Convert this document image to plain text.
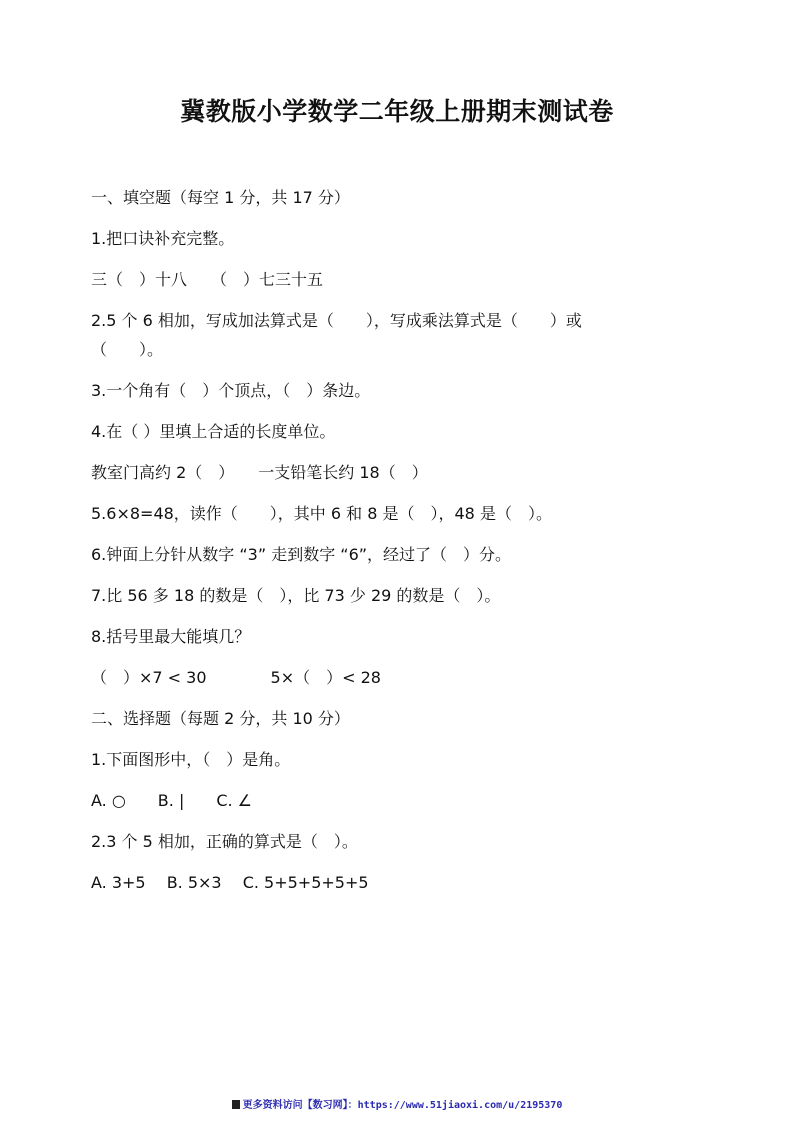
冀教版小学数学二年级上册期末测试卷
一、填空题（每空 1 分，共 17 分）
1.把口诀补充完整。
三（　）十八　　（　）七三十五
2.5 个 6 相加，写成加法算式是（　　），写成乘法算式是（　　）或
（　　）。
3.一个角有（　）个顶点，（　）条边。
4.在（ ）里填上合适的长度单位。
教室门高约 2（　）　　一支铅笔长约 18（　）
5.6×8=48，读作（　　），其中 6 和 8 是（　），48 是（　）。
6.钟面上分针从数字 “3” 走到数字 “6”，经过了（　）分。
7.比 56 多 18 的数是（　），比 73 少 29 的数是（　）。
8.括号里最大能填几？
（　）×7 < 30　　　　5×（　）< 28
二、选择题（每题 2 分，共 10 分）
1.下面图形中，（　）是角。
A. ○　　B. |　　C. ∠
2.3 个 5 相加，正确的算式是（　）。
A. 3+5　 B. 5×3　 C. 5+5+5+5+5
更多资料访问【数习网】：https://www.51jiaoxi.com/u/2195370
